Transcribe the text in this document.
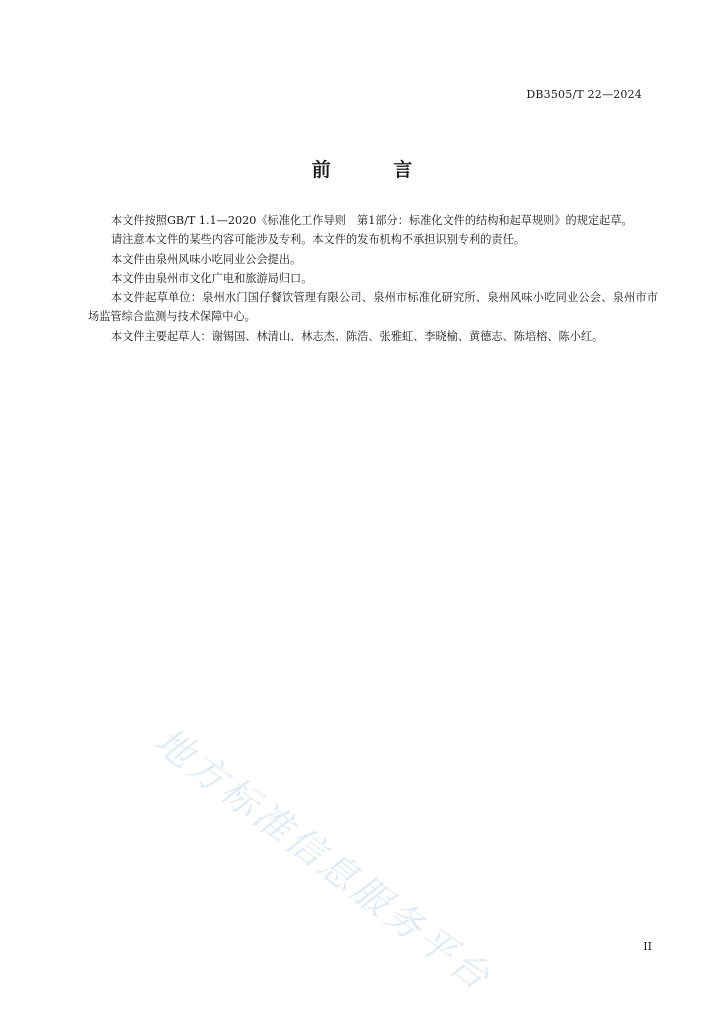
DB3505/T 22—2024
前 言

本文件按照GB/T 1.1—2020《标准化工作导则　第1部分：标准化文件的结构和起草规则》的规定起草。

请注意本文件的某些内容可能涉及专利。本文件的发布机构不承担识别专利的责任。

本文件由泉州风味小吃同业公会提出。

本文件由泉州市文化广电和旅游局归口。

本文件起草单位：泉州水门国仔餐饮管理有限公司、泉州市标准化研究所、泉州风味小吃同业公会、泉州市市场监管综合监测与技术保障中心。

本文件主要起草人：谢锡国、林清山、林志杰、陈浩、张雅虹、李晓榆、黄德志、陈培榕、陈小红。

地方标准信息服务平台	II
